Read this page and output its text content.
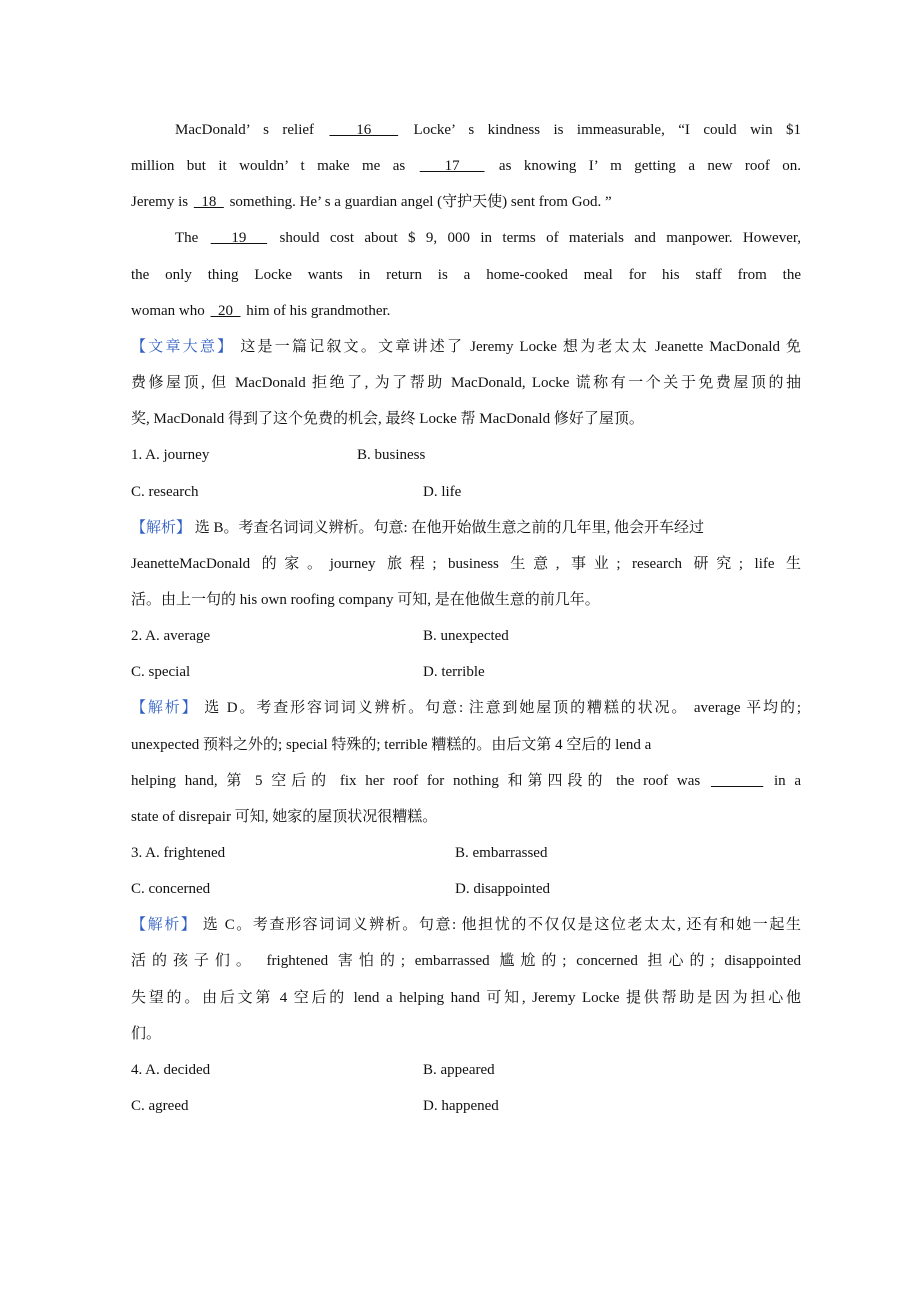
MacDonald’ s relief   16   Locke’ s kindness is immeasurable, “I could win $1
million but it wouldn’ t make me as   17   as knowing I’ m getting a new roof on.
Jeremy is   18   something. He’ s a guardian angel (守护天使) sent from God. ”
The   19   should cost about $ 9, 000 in terms of materials and manpower. However,
the only thing Locke wants in return is a home-cooked meal for his staff from the
woman who   20   him of his grandmother.
【文章大意】 这是一篇记叙文。文章讲述了 Jeremy Locke 想为老太太 Jeanette MacDonald 免
费修屋顶, 但 MacDonald 拒绝了, 为了帮助 MacDonald, Locke 谎称有一个关于免费屋顶的抽
奖, MacDonald 得到了这个免费的机会, 最终 Locke 帮 MacDonald 修好了屋顶。
1. A. journey	B. business
C. research	D. life
【解析】 选 B。考查名词词义辨析。句意: 在他开始做生意之前的几年里, 他会开车经过
JeanetteMacDonald 的家。journey 旅程; business 生意, 事业; research 研究; life 生
活。由上一句的 his own roofing company 可知, 是在他做生意的前几年。
2. A. average	B. unexpected
C. special	D. terrible
【解析】 选 D。考查形容词词义辨析。句意: 注意到她屋顶的糟糕的状况。 average 平均的;
unexpected 预料之外的; special 特殊的; terrible 糟糕的。由后文第 4 空后的 lend a
helping hand, 第 5 空后的 fix her roof for nothing 和第四段的 the roof was	in a
state of disrepair 可知, 她家的屋顶状况很糟糕。
3. A. frightened	B. embarrassed
C. concerned	D. disappointed
【解析】 选 C。考查形容词词义辨析。句意: 他担忧的不仅仅是这位老太太, 还有和她一起生
活的孩子们。 frightened 害怕的; embarrassed 尴尬的; concerned 担心的; disappointed
失望的。由后文第 4 空后的 lend a helping hand 可知, Jeremy Locke 提供帮助是因为担心他
们。
4. A. decided	B. appeared
C. agreed	D. happened
